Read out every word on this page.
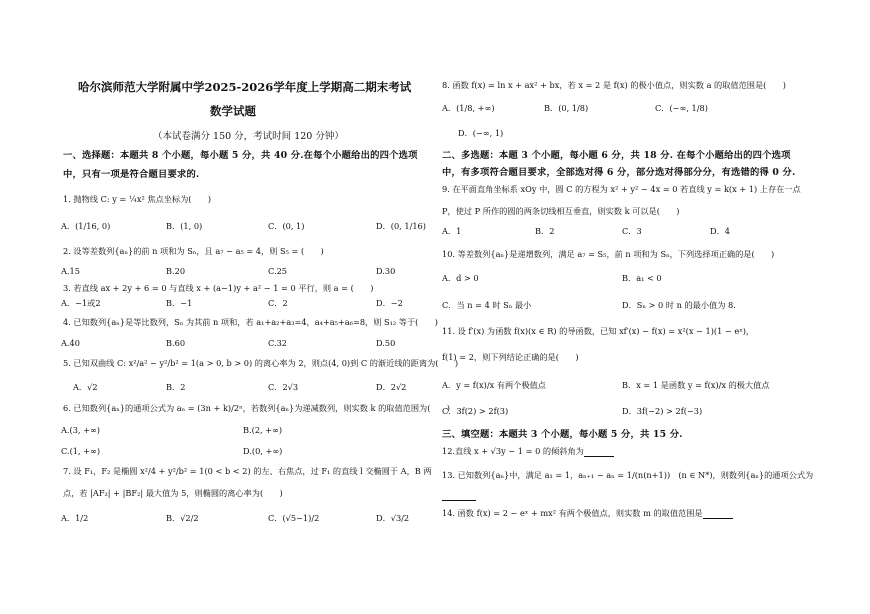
哈尔滨师范大学附属中学2025-2026学年度上学期高二期末考试
数学试题
（本试卷满分 150 分，考试时间 120 分钟）
一、选择题：本题共 8 个小题，每小题 5 分，共 40 分.在每个小题给出的四个选项
中，只有一项是符合题目要求的.
1. 抛物线 C: y = ¼x² 焦点坐标为(　　)
A．(1/16, 0)	B．(1, 0)	C．(0, 1)	D．(0, 1/16)
2. 设等差数列{aₙ}的前 n 项和为 Sₙ，且 a₇ − a₅ = 4，则 S₅ = (　　)
A.15	B.20	C.25	D.30
3. 若直线 ax + 2y + 6 = 0 与直线 x + (a−1)y + a² − 1 = 0 平行，则 a = (　　)
A．−1或2	B．−1	C．2	D．−2
4. 已知数列{aₙ}是等比数列，Sₙ 为其前 n 项和，若 a₁+a₂+a₃=4，a₄+a₅+a₆=8，则 S₁₂ 等于(　　)
A.40	B.60	C.32	D.50
5. 已知双曲线 C: x²/a² − y²/b² = 1(a > 0, b > 0) 的离心率为 2，则点(4, 0)到 C 的渐近线的距离为(　　)
A．√2	B．2	C．2√3	D．2√2
6. 已知数列{aₙ}的通项公式为 aₙ = (3n + k)/2ⁿ，若数列{aₙ}为递减数列，则实数 k 的取值范围为(　　)
A.(3, +∞)	B.(2, +∞)
C.(1, +∞)	D.(0, +∞)
7. 设 F₁，F₂ 是椭圆 x²/4 + y²/b² = 1(0 < b < 2) 的左、右焦点，过 F₁ 的直线 l 交椭圆于 A，B 两
点，若 |AF₂| + |BF₂| 最大值为 5，则椭圆的离心率为(　　)
A．1/2	B．√2/2	C．(√5−1)/2	D．√3/2
8. 函数 f(x) = ln x + ax² + bx，若 x = 2 是 f(x) 的极小值点，则实数 a 的取值范围是(　　)
A．(1/8, +∞)	B．(0, 1/8)	C．(−∞, 1/8)
D．(−∞, 1)
二、多选题：本题 3 个小题，每小题 6 分，共 18 分. 在每个小题给出的四个选项
中，有多项符合题目要求，全部选对得 6 分，部分选对得部分分，有选错的得 0 分.
9. 在平面直角坐标系 xOy 中，圆 C 的方程为 x² + y² − 4x = 0 若直线 y = k(x + 1) 上存在一点
P，使过 P 所作的圆的两条切线相互垂直，则实数 k 可以是(　　)
A．1	B．2	C．3	D．4
10. 等差数列{aₙ}是递增数列，满足 a₇ = S₅，前 n 项和为 Sₙ，下列选择项正确的是(　　)
A．d > 0	B．a₁ < 0
C．当 n = 4 时 Sₙ 最小	D．Sₙ > 0 时 n 的最小值为 8.
11. 设 f′(x) 为函数 f(x)(x ∈ R) 的导函数，已知 xf′(x) − f(x) = x²(x − 1)(1 − eˣ)，
f(1) = 2，则下列结论正确的是(　　)
A．y = f(x)/x 有两个极值点	B．x = 1 是函数 y = f(x)/x 的极大值点
C．3f(2) > 2f(3)	D．3f(−2) > 2f(−3)
三、填空题：本题共 3 个小题，每小题 5 分，共 15 分.
12.直线 x + √3y − 1 = 0 的倾斜角为
13. 已知数列{aₙ}中，满足 a₁ = 1，aₙ₊₁ − aₙ = 1/(n(n+1))　(n ∈ N*)，则数列{aₙ}的通项公式为
14. 函数 f(x) = 2 − eˣ + mx² 有两个极值点，则实数 m 的取值范围是
